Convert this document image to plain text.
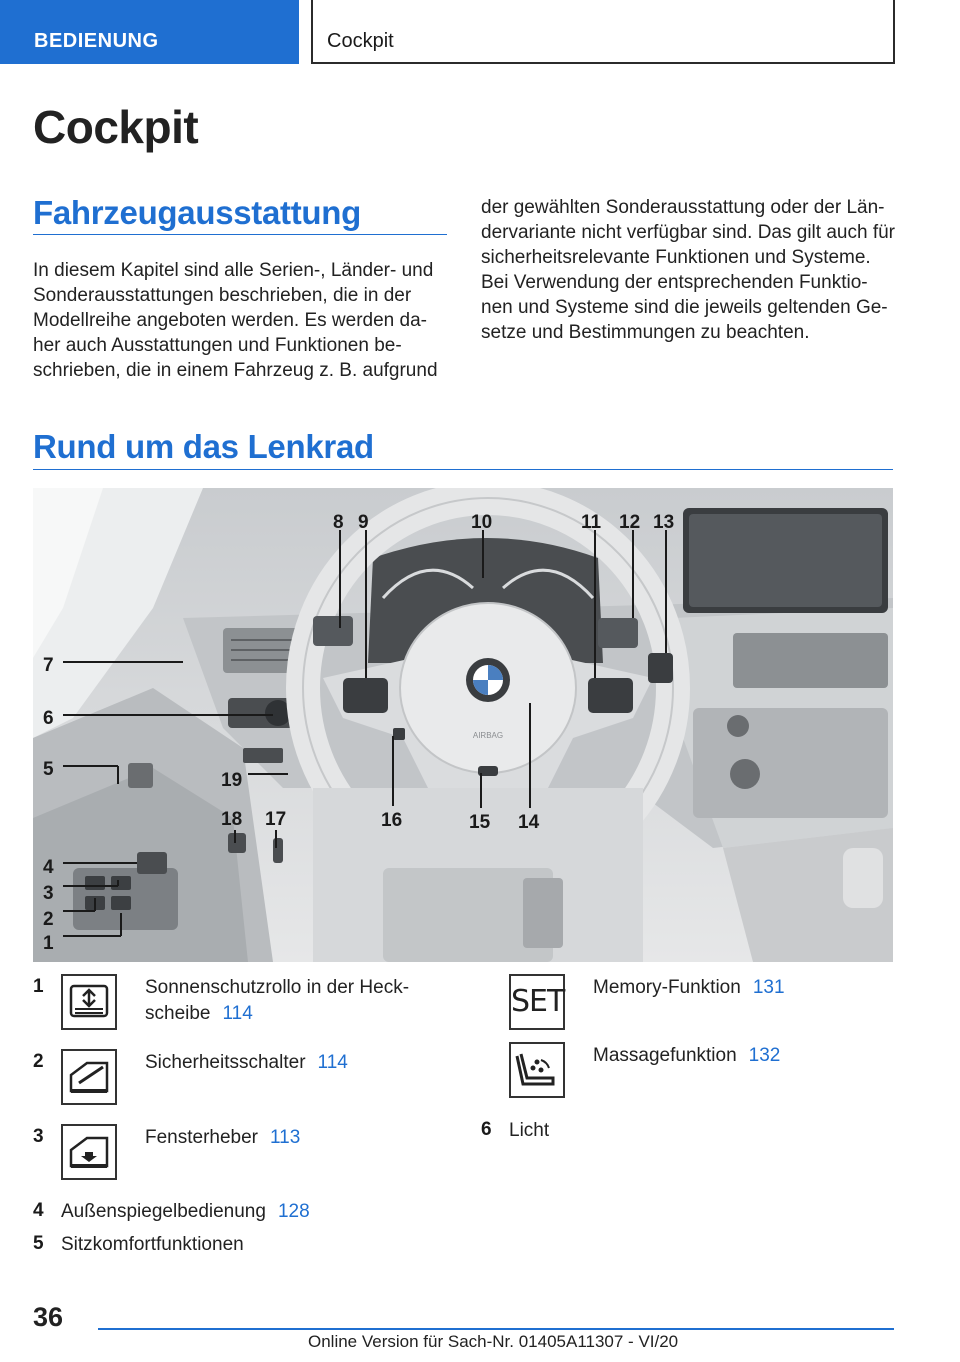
BEDIENUNG	Cockpit
Cockpit
Fahrzeugausstattung
In diesem Kapitel sind alle Serien-, Länder- und
Sonderausstattungen beschrieben, die in der
Modellreihe angeboten werden. Es werden da-
her auch Ausstattungen und Funktionen be-
schrieben, die in einem Fahrzeug z. B. aufgrund
der gewählten Sonderausstattung oder der Län-
dervariante nicht verfügbar sind. Das gilt auch für
sicherheitsrelevante Funktionen und Systeme.
Bei Verwendung der entsprechenden Funktio-
nen und Systeme sind die jeweils geltenden Ge-
setze und Bestimmungen zu beachten.
Rund um das Lenkrad
AIRBAG
1
2
3
4
5
6
7
8 9	10	11 12 13
14
15
16
17
18
19
1	Sonnenschutzrollo in der Heck-
scheibe 114
2	Sicherheitsschalter 114
3	Fensterheber 113
4 Außenspiegelbedienung 128
5 Sitzkomfortfunktionen
SET Memory-Funktion 131
Massagefunktion 132
6 Licht
36
Online Version für Sach-Nr. 01405A11307 - VI/20
